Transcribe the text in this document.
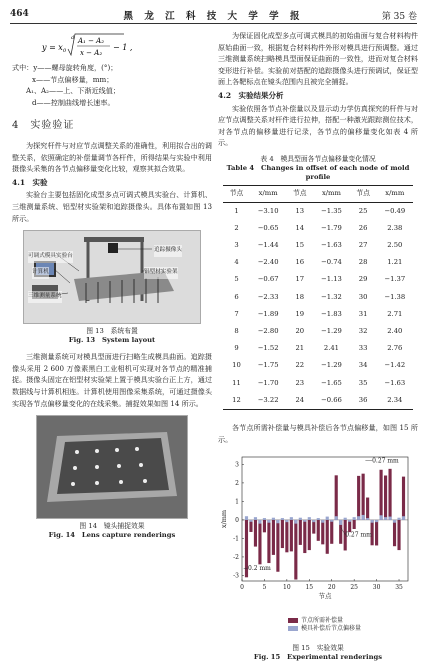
464	黑 龙 江 科 技 大 学 学 报	第 35 卷
y = x 0
d A₁ − A₂
x − A₂
− 1 ,
式中：y——螺母旋转角度，(°)；
x——节点偏移量，mm；
A₁、A₂——上、下渐近线值；
d——控制曲线增长速率。
4　实验验证

为探究杆件与对应节点调整关系的准确性，利用拟合出的调整关系，依照确定的补偿量调节各杆件，所得结果与实验中利用摄像头采集的各节点偏移量变化比较，观察其拟合效果。

4.1　实验

实验台主要包括固化成型多点可调式模具实验台、计算机、三维测量系统、铝型材实验架和追踪摄像头。具体布置如图 13 所示。

可调式模具实验台
计算机
三维测量系统
追踪摄像头
铝型材实验架
图 13　系统布置
Fig. 13　System layout

三维测量系统可对模具型面进行扫略生成模具曲面。追踪摄像头采用 2 600 万像素黑白工业相机可实现对各节点的精准捕捉。摄像头固定在铝型材实验架上置于模具实验台正上方，通过数据线与计算机相连。计算机使用图像采集系统，可通过摄像头实现各节点偏移量变化的在线采集。捕捉效果如图 14 所示。

图 14　镜头捕捉效果
Fig. 14　Lens capture renderings

为保证固化成型多点可调式模具的初始曲面与复合材料构件原始曲面一致，根据复合材料构件外形对模具进行预调整。通过三维测量系统扫略模具型面保证曲面的一致性，进而对复合材料变形进行补偿。实验前对搭配的追踪摄像头进行预调试，保证型面上各靶标点在镜头范围内且被完全捕捉。

4.2　实验结果分析

实验依照各节点补偿量以及显示动力学仿真探究的杆件与对应节点调整关系对杆件进行拉伸，搭配一种激光跟踪测位技术，对各节点的偏移量进行记录，各节点的偏移量变化如表 4 所示。

表 4　模具型面各节点偏移量变化情况
Table 4　Changes in offset of each node of mold profile
节点	x/mm	节点	x/mm	节点	x/mm
1	−3.10	13	−1.35	25	−0.49
2	−0.65	14	−1.79	26	2.38
3	−1.44	15	−1.63	27	2.50
4	−2.40	16	−0.74	28	1.21
5	−0.67	17	−1.13	29	−1.37
6	−2.33	18	−1.32	30	−1.38
7	−1.89	19	−1.83	31	2.71
8	−2.80	20	−1.29	32	2.40
9	−1.52	21	2.41	33	2.76
10	−1.75	22	−1.29	34	−1.42
11	−1.70	23	−1.65	35	−1.63
12	−3.22	24	−0.66	36	2.34

各节点所需补偿量与模具补偿后各节点偏移量，如图 15 所示。

-3
-2
-1
0
1
2
3
0	5	10 15 20 25 30 35
节点
x/mm
0.27 mm
0.27 mm
−0.2 mm
节点所需补偿量
模具补偿后节点偏移量
图 15　实验效果
Fig. 15　Experimental renderings
